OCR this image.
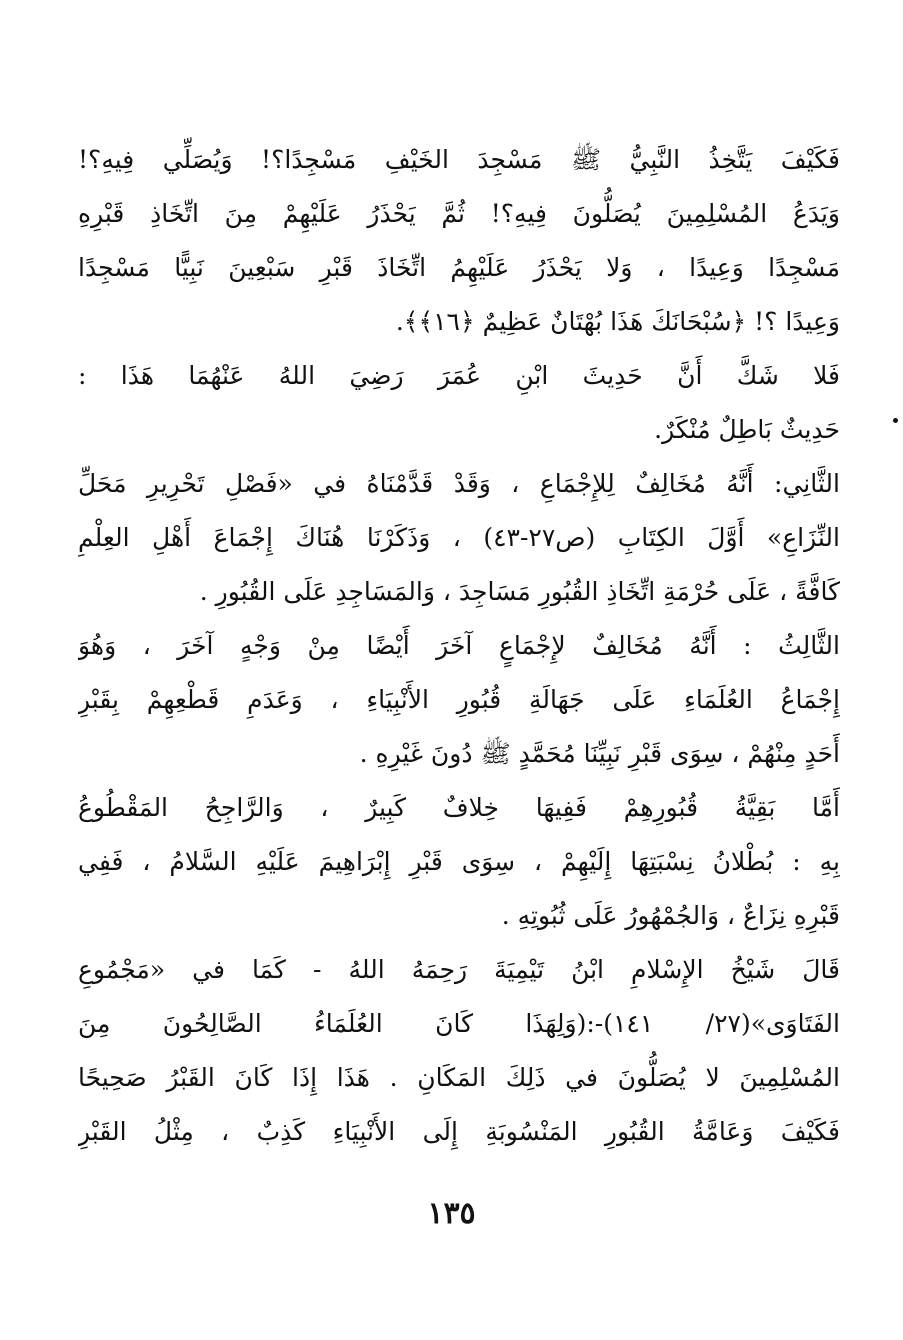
فَكَيْفَ يَتَّخِذُ النَّبِيُّ ﷺ مَسْجِدَ الخَيْفِ مَسْجِدًا؟! وَيُصَلِّي فِيهِ؟!
وَيَدَعُ المُسْلِمِينَ يُصَلُّونَ فِيهِ؟! ثُمَّ يَحْذَرُ عَلَيْهِمْ مِنَ اتِّخَاذِ قَبْرِهِ
مَسْجِدًا وَعِيدًا ، وَلا يَحْذَرُ عَلَيْهِمُ اتِّخَاذَ قَبْرِ سَبْعِينَ نَبِيًّا مَسْجِدًا
وَعِيدًا ؟! ﴿سُبْحَانَكَ هَذَا بُهْتَانٌ عَظِيمٌ ﴿١٦﴾﴾.
فَلا شَكَّ أَنَّ حَدِيثَ ابْنِ عُمَرَ رَضِيَ اللهُ عَنْهُمَا هَذَا :
حَدِيثٌ بَاطِلٌ مُنْكَرٌ.
الثَّانِي: أَنَّهُ مُخَالِفٌ لِلإِجْمَاعِ ، وَقَدْ قَدَّمْنَاهُ في «فَصْلِ تَحْرِيرِ مَحَلِّ
النِّزَاعِ» أَوَّلَ الكِتَابِ (ص٢٧-٤٣) ، وَذَكَرْنَا هُنَاكَ إِجْمَاعَ أَهْلِ العِلْمِ
كَافَّةً ، عَلَى حُرْمَةِ اتِّخَاذِ القُبُورِ مَسَاجِدَ ، وَالمَسَاجِدِ عَلَى القُبُورِ .
الثَّالِثُ : أَنَّهُ مُخَالِفٌ لإِجْمَاعٍ آخَرَ أَيْضًا مِنْ وَجْهٍ آخَرَ ، وَهُوَ
إِجْمَاعُ العُلَمَاءِ عَلَى جَهَالَةِ قُبُورِ الأَنْبِيَاءِ ، وَعَدَمِ قَطْعِهِمْ بِقَبْرِ
أَحَدٍ مِنْهُمْ ، سِوَى قَبْرِ نَبِيِّنَا مُحَمَّدٍ ﷺ دُونَ غَيْرِهِ .
أَمَّا بَقِيَّةُ قُبُورِهِمْ فَفِيهَا خِلافٌ كَبِيرٌ ، وَالرَّاجِحُ المَقْطُوعُ
بِهِ : بُطْلانُ نِسْبَتِهَا إِلَيْهِمْ ، سِوَى قَبْرِ إِبْرَاهِيمَ عَلَيْهِ السَّلامُ ، فَفِي
قَبْرِهِ نِزَاعٌ ، وَالجُمْهُورُ عَلَى ثُبُوتِهِ .
قَالَ شَيْخُ الإِسْلامِ ابْنُ تَيْمِيَةَ رَحِمَهُ اللهُ - كَمَا في «مَجْمُوعِ
الفَتَاوَى»(٢٧/ ١٤١)-:(وَلِهَذَا كَانَ العُلَمَاءُ الصَّالِحُونَ مِنَ
المُسْلِمِينَ لا يُصَلُّونَ في ذَلِكَ المَكَانِ . هَذَا إِذَا كَانَ القَبْرُ صَحِيحًا
فَكَيْفَ وَعَامَّةُ القُبُورِ المَنْسُوبَةِ إِلَى الأَنْبِيَاءِ كَذِبٌ ، مِثْلُ القَبْرِ
١٣٥
